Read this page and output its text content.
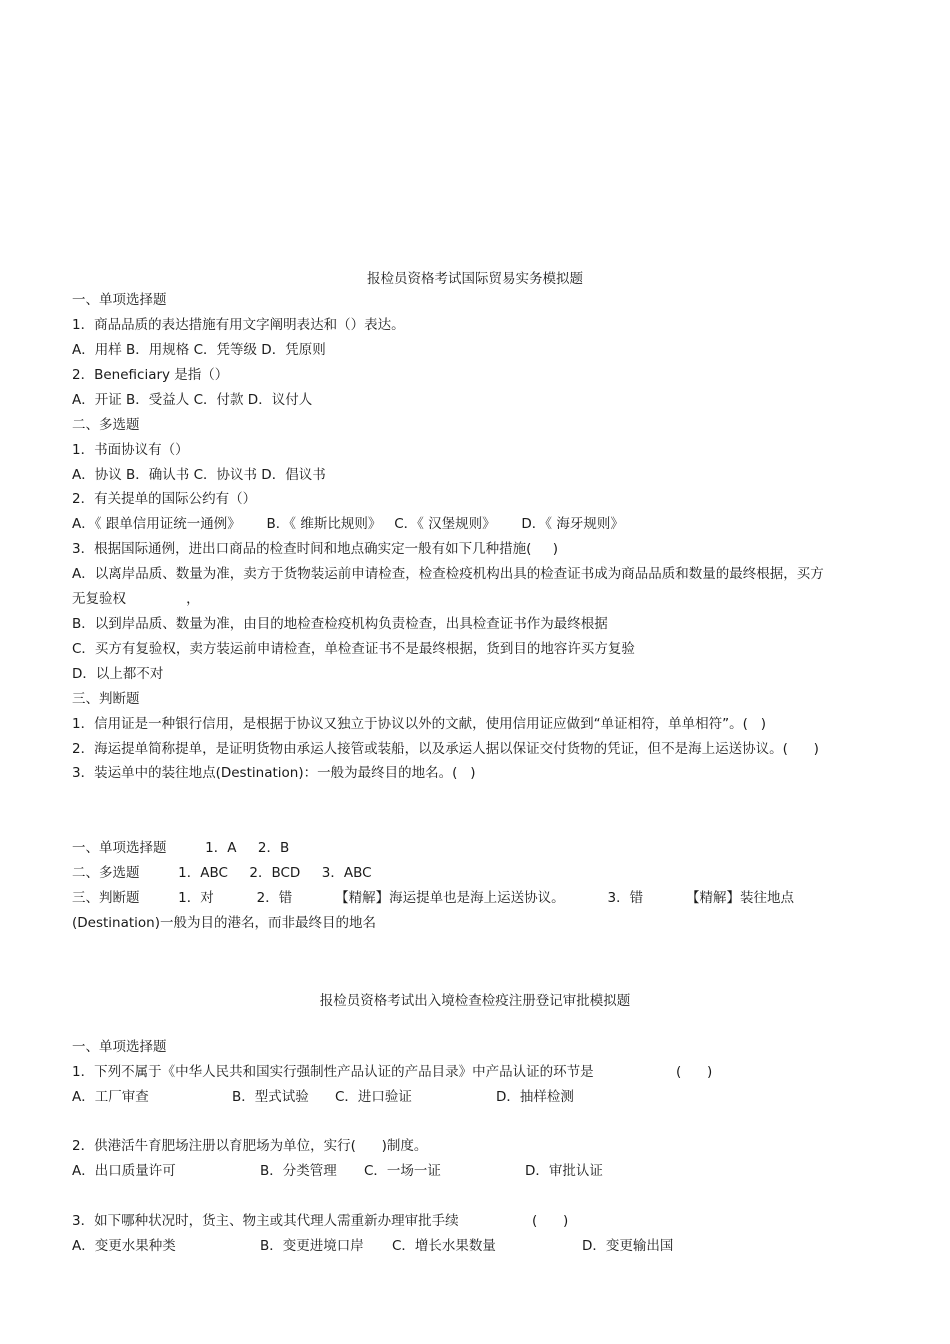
报检员资格考试国际贸易实务模拟题
一、单项选择题
1．商品品质的表达措施有用文字阐明表达和（）表达。
A．用样 B．用规格 C．凭等级 D．凭原则
2．Beneficiary 是指（）
A．开证 B．受益人 C．付款 D．议付人
二、多选题
1．书面协议有（）
A．协议 B．确认书 C．协议书 D．倡议书
2．有关提单的国际公约有（）
A．《 跟单信用证统一通例》      B．《 维斯比规则》   C．《 汉堡规则》      D．《 海牙规则》
3．根据国际通例，进出口商品的检查时间和地点确实定一般有如下几种措施(     )
A．以离岸品质、数量为准，卖方于货物装运前申请检查，检查检疫机构出具的检查证书成为商品品质和数量的最终根据，买方
无复验权              ，
B．以到岸品质、数量为准，由目的地检查检疫机构负责检查，出具检查证书作为最终根据
C．买方有复验权，卖方装运前申请检查，单检查证书不是最终根据，货到目的地容许买方复验
D．以上都不对
三、判断题
1．信用证是一种银行信用，是根据于协议又独立于协议以外的文献，使用信用证应做到“单证相符，单单相符”。(   )
2．海运提单简称提单，是证明货物由承运人接管或装船，以及承运人据以保证交付货物的凭证，但不是海上运送协议。(      )
3．装运单中的装往地点(Destination)：一般为最终目的地名。(   )
一、单项选择题         1．A     2．B
二、多选题         1．ABC     2．BCD     3．ABC
三、判断题         1．对          2．错          【精解】海运提单也是海上运送协议。          3．错          【精解】装往地点
(Destination)一般为目的港名，而非最终目的地名
报检员资格考试出入境检查检疫注册登记审批模拟题
一、单项选择题
1．下列不属于《中华人民共和国实行强制性产品认证的产品目录》中产品认证的环节是	(      )
A．工厂审查	B．型式试验 C．进口验证	D．抽样检测
2．供港活牛育肥场注册以育肥场为单位，实行(      )制度。
A．出口质量许可	B．分类管理 C．一场一证	D．审批认证
3．如下哪种状况时，货主、物主或其代理人需重新办理审批手续	(      )
A．变更水果种类	B．变更进境口岸 C．增长水果数量	D．变更输出国
